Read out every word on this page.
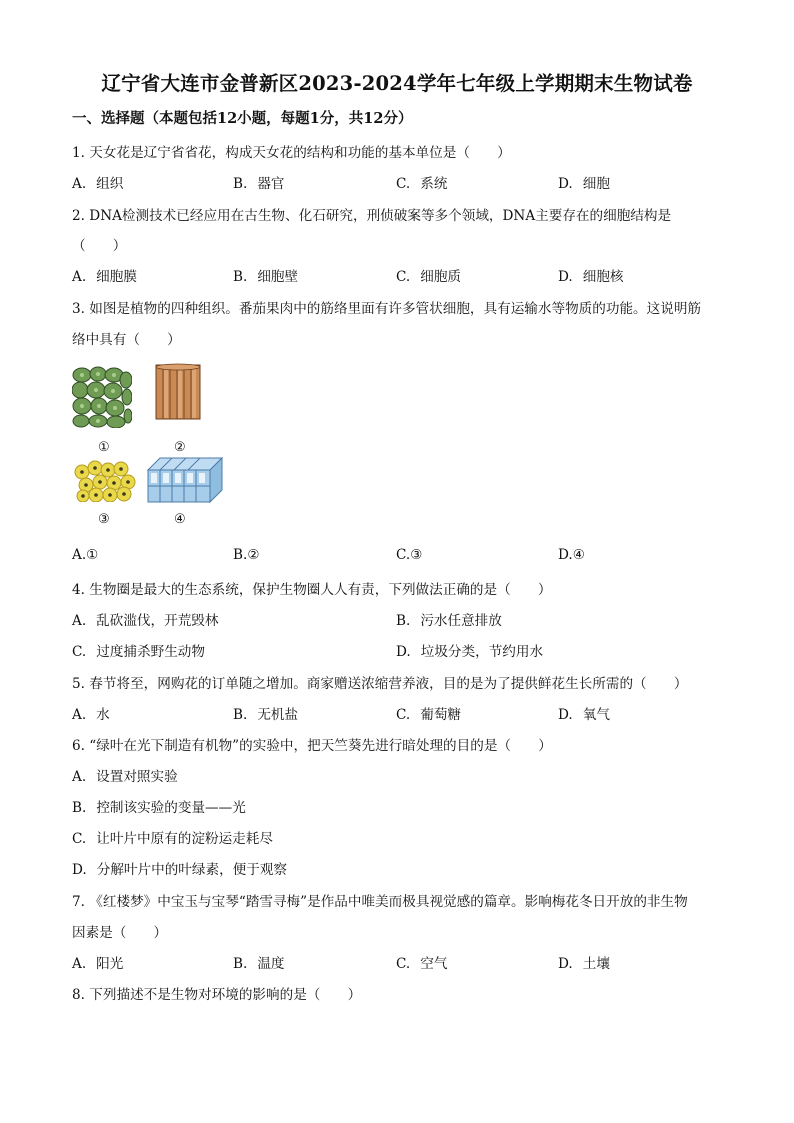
辽宁省大连市金普新区2023-2024学年七年级上学期期末生物试卷
一、选择题（本题包括12小题，每题1分，共12分）
1. 天女花是辽宁省省花，构成天女花的结构和功能的基本单位是（　　）
A. 组织	B. 器官	C. 系统	D. 细胞
2. DNA检测技术已经应用在古生物、化石研究，刑侦破案等多个领域，DNA主要存在的细胞结构是
（　　）
A. 细胞膜	B. 细胞壁	C. 细胞质	D. 细胞核
3. 如图是植物的四种组织。番茄果肉中的筋络里面有许多管状细胞，具有运输水等物质的功能。这说明筋
络中具有（　　）
①	②
③	④
A.①	B.②	C.③	D.④
4. 生物圈是最大的生态系统，保护生物圈人人有责，下列做法正确的是（　　）
A. 乱砍滥伐，开荒毁林	B. 污水任意排放
C. 过度捕杀野生动物	D. 垃圾分类，节约用水
5. 春节将至，网购花的订单随之增加。商家赠送浓缩营养液，目的是为了提供鲜花生长所需的（　　）
A. 水	B. 无机盐	C. 葡萄糖	D. 氧气
6. “绿叶在光下制造有机物”的实验中，把天竺葵先进行暗处理的目的是（　　）
A. 设置对照实验
B. 控制该实验的变量——光
C. 让叶片中原有的淀粉运走耗尽
D. 分解叶片中的叶绿素，便于观察
7. 《红楼梦》中宝玉与宝琴“踏雪寻梅”是作品中唯美而极具视觉感的篇章。影响梅花冬日开放的非生物
因素是（　　）
A. 阳光	B. 温度	C. 空气	D. 土壤
8. 下列描述不是生物对环境的影响的是（　　）
